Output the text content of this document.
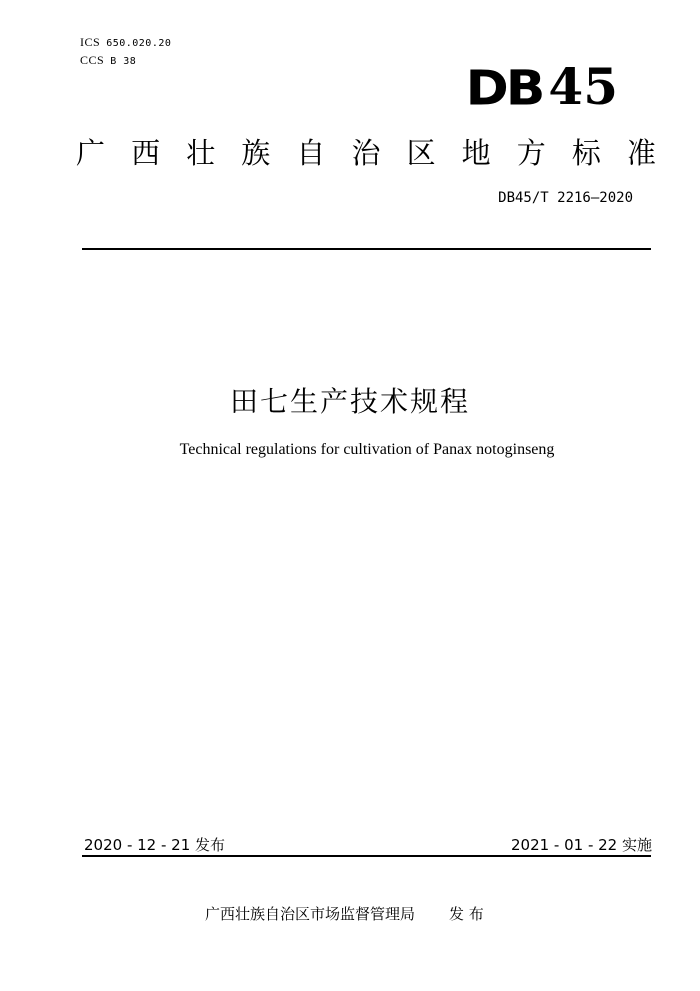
ICS 650.020.20
CCS B 38	DB 45
广 西 壮 族 自 治 区 地 方 标 准
DB45/T 2216—2020
田七生产技术规程
Technical regulations for cultivation of Panax notoginseng
2020 - 12 - 21 发布	2021 - 01 - 22 实施
广西壮族自治区市场监督管理局 发 布
